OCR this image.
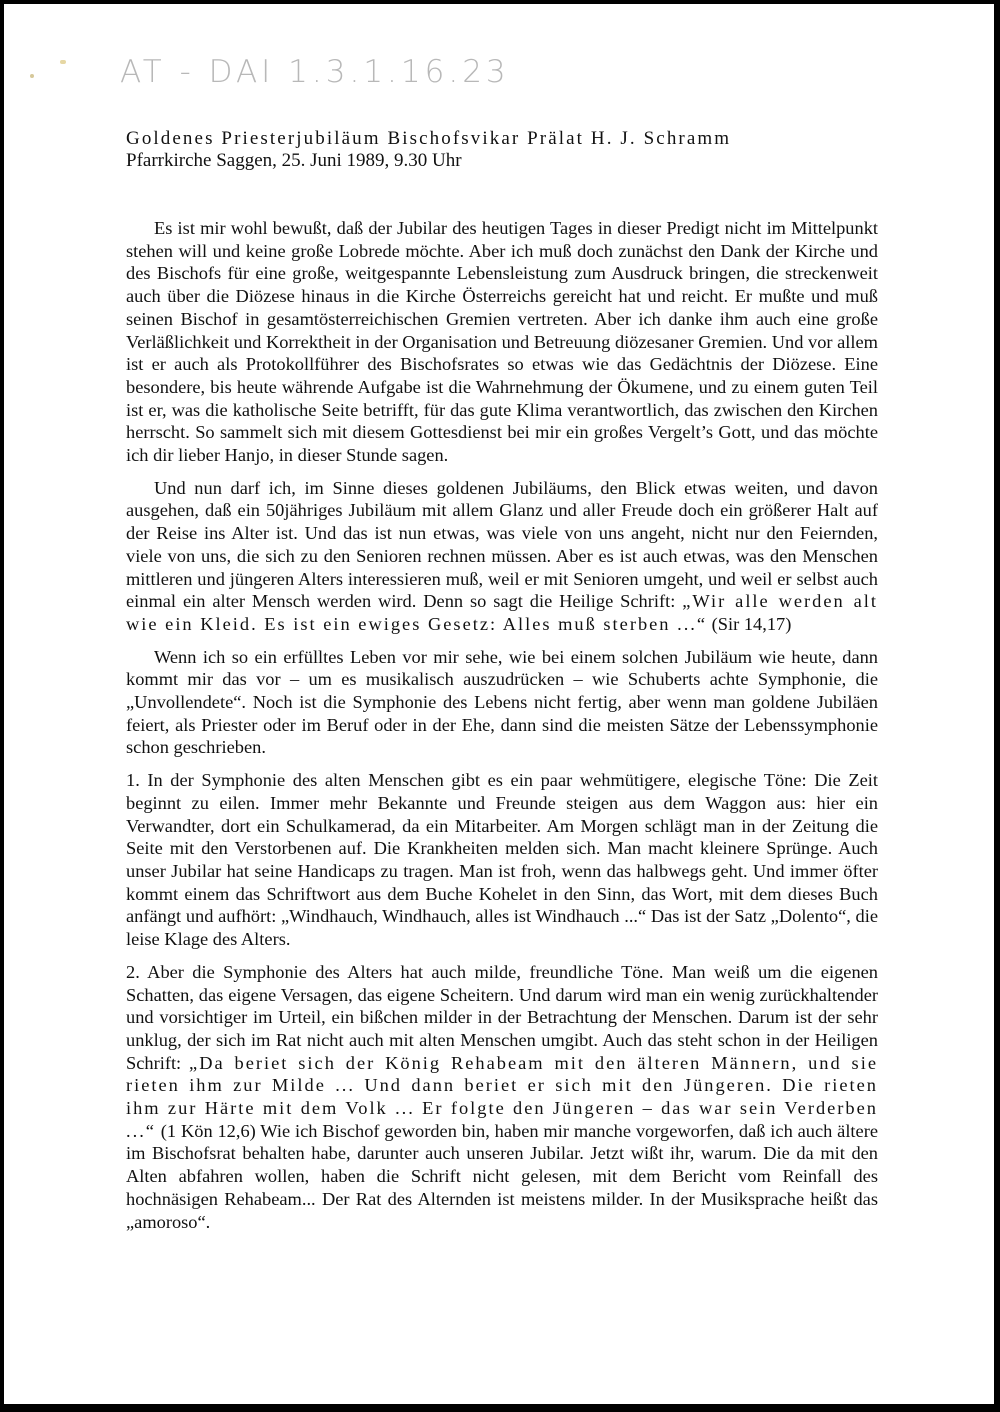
AT - DAI 1.3.1.16.23
Goldenes Priesterjubiläum Bischofsvikar Prälat H. J. Schramm
Pfarrkirche Saggen, 25. Juni 1989, 9.30 Uhr

Es ist mir wohl bewußt, daß der Jubilar des heutigen Tages in dieser Predigt nicht im Mittelpunkt stehen will und keine große Lobrede möchte. Aber ich muß doch zunächst den Dank der Kirche und des Bischofs für eine große, weitgespannte Lebensleistung zum Ausdruck bringen, die streckenweit auch über die Diözese hinaus in die Kirche Österreichs gereicht hat und reicht. Er mußte und muß seinen Bischof in gesamtösterreichischen Gremien vertreten. Aber ich danke ihm auch eine große Verläßlichkeit und Korrektheit in der Organisation und Betreuung diözesaner Gremien. Und vor allem ist er auch als Protokollführer des Bischofsrates so etwas wie das Gedächtnis der Diözese. Eine besondere, bis heute währende Aufgabe ist die Wahrnehmung der Ökumene, und zu einem guten Teil ist er, was die katholische Seite betrifft, für das gute Klima verantwortlich, das zwischen den Kirchen herrscht. So sammelt sich mit diesem Gottesdienst bei mir ein großes Vergelt’s Gott, und das möchte ich dir lieber Hanjo, in dieser Stunde sagen.

Und nun darf ich, im Sinne dieses goldenen Jubiläums, den Blick etwas weiten, und davon ausgehen, daß ein 50jähriges Jubiläum mit allem Glanz und aller Freude doch ein größerer Halt auf der Reise ins Alter ist. Und das ist nun etwas, was viele von uns angeht, nicht nur den Feiernden, viele von uns, die sich zu den Senioren rechnen müssen. Aber es ist auch etwas, was den Menschen mittleren und jüngeren Alters interessieren muß, weil er mit Senioren umgeht, und weil er selbst auch einmal ein alter Mensch werden wird. Denn so sagt die Heilige Schrift: „Wir alle werden alt wie ein Kleid. Es ist ein ewiges Gesetz: Alles muß sterben ...“ (Sir 14,17)

Wenn ich so ein erfülltes Leben vor mir sehe, wie bei einem solchen Jubiläum wie heute, dann kommt mir das vor – um es musikalisch auszudrücken – wie Schuberts achte Symphonie, die „Unvollendete“. Noch ist die Symphonie des Lebens nicht fertig, aber wenn man goldene Jubiläen feiert, als Priester oder im Beruf oder in der Ehe, dann sind die meisten Sätze der Lebenssymphonie schon geschrieben.

1. In der Symphonie des alten Menschen gibt es ein paar wehmütigere, elegische Töne: Die Zeit beginnt zu eilen. Immer mehr Bekannte und Freunde steigen aus dem Waggon aus: hier ein Verwandter, dort ein Schulkamerad, da ein Mitarbeiter. Am Morgen schlägt man in der Zeitung die Seite mit den Verstorbenen auf. Die Krankheiten melden sich. Man macht kleinere Sprünge. Auch unser Jubilar hat seine Handicaps zu tragen. Man ist froh, wenn das halbwegs geht. Und immer öfter kommt einem das Schriftwort aus dem Buche Kohelet in den Sinn, das Wort, mit dem dieses Buch anfängt und aufhört: „Windhauch, Windhauch, alles ist Windhauch ...“ Das ist der Satz „Dolento“, die leise Klage des Alters.

2. Aber die Symphonie des Alters hat auch milde, freundliche Töne. Man weiß um die eigenen Schatten, das eigene Versagen, das eigene Scheitern. Und darum wird man ein wenig zurückhaltender und vorsichtiger im Urteil, ein bißchen milder in der Betrachtung der Menschen. Darum ist der sehr unklug, der sich im Rat nicht auch mit alten Menschen umgibt. Auch das steht schon in der Heiligen Schrift: „Da beriet sich der König Rehabeam mit den älteren Männern, und sie rieten ihm zur Milde ... Und dann beriet er sich mit den Jüngeren. Die rieten ihm zur Härte mit dem Volk ... Er folgte den Jüngeren – das war sein Verderben ...“ (1 Kön 12,6) Wie ich Bischof geworden bin, haben mir manche vorgeworfen, daß ich auch ältere im Bischofsrat behalten habe, darunter auch unseren Jubilar. Jetzt wißt ihr, warum. Die da mit den Alten abfahren wollen, haben die Schrift nicht gelesen, mit dem Bericht vom Reinfall des hochnäsigen Rehabeam... Der Rat des Alternden ist meistens milder. In der Musiksprache heißt das „amoroso“.
